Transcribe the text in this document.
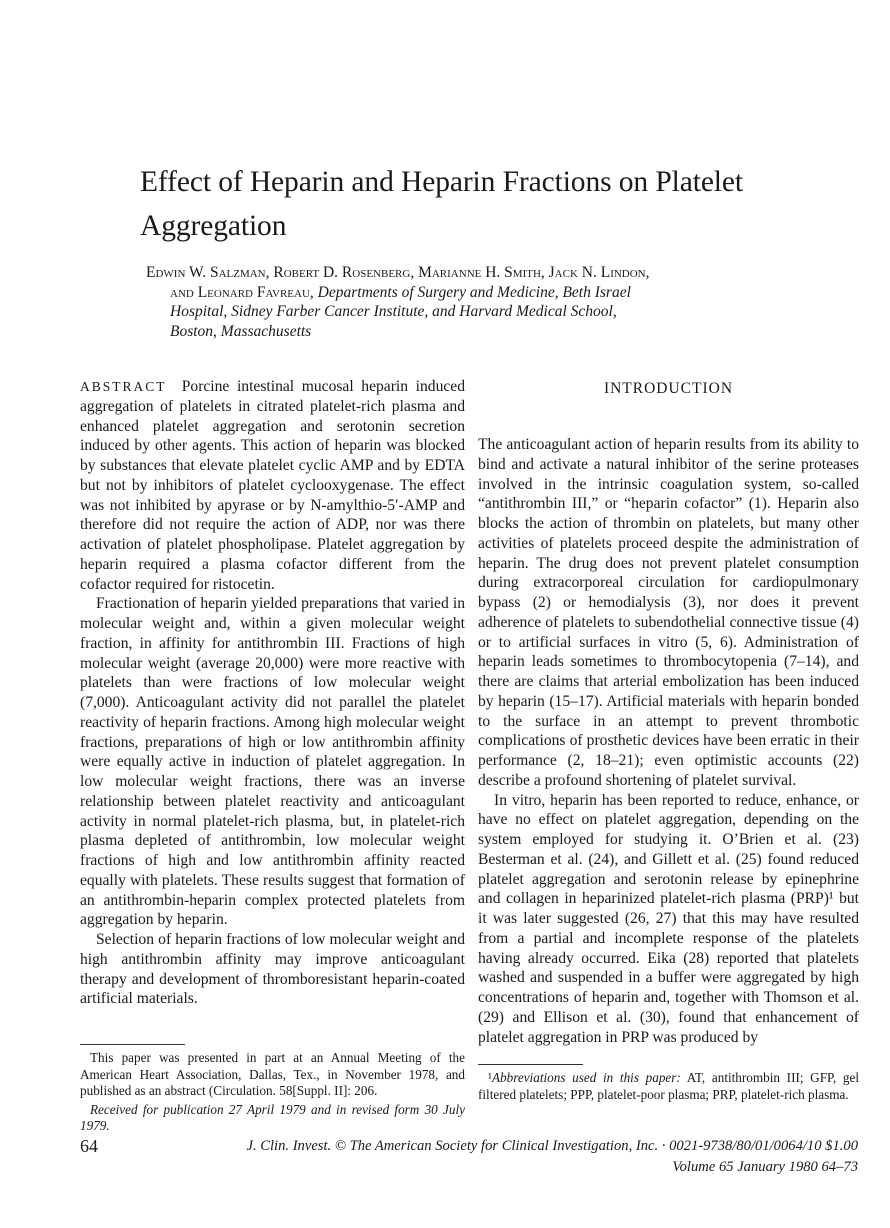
Effect of Heparin and Heparin Fractions on Platelet Aggregation
Edwin W. Salzman, Robert D. Rosenberg, Marianne H. Smith, Jack N. Lindon,
and Leonard Favreau, Departments of Surgery and Medicine, Beth Israel
Hospital, Sidney Farber Cancer Institute, and Harvard Medical School,
Boston, Massachusetts

ABSTRACT Porcine intestinal mucosal heparin induced aggregation of platelets in citrated platelet-rich plasma and enhanced platelet aggregation and serotonin secretion induced by other agents. This action of heparin was blocked by substances that elevate platelet cyclic AMP and by EDTA but not by inhibitors of platelet cyclooxygenase. The effect was not inhibited by apyrase or by N-amylthio-5′-AMP and therefore did not require the action of ADP, nor was there activation of platelet phospholipase. Platelet aggregation by heparin required a plasma cofactor different from the cofactor required for ristocetin.

Fractionation of heparin yielded preparations that varied in molecular weight and, within a given molecular weight fraction, in affinity for antithrombin III. Fractions of high molecular weight (average 20,000) were more reactive with platelets than were fractions of low molecular weight (7,000). Anticoagulant activity did not parallel the platelet reactivity of heparin fractions. Among high molecular weight fractions, preparations of high or low antithrombin affinity were equally active in induction of platelet aggregation. In low molecular weight fractions, there was an inverse relationship between platelet reactivity and anticoagulant activity in normal platelet-rich plasma, but, in platelet-rich plasma depleted of antithrombin, low molecular weight fractions of high and low antithrombin affinity reacted equally with platelets. These results suggest that formation of an antithrombin-heparin complex protected platelets from aggregation by heparin.

Selection of heparin fractions of low molecular weight and high antithrombin affinity may improve anticoagulant therapy and development of thromboresistant heparin-coated artificial materials.

This paper was presented in part at an Annual Meeting of the American Heart Association, Dallas, Tex., in November 1978, and published as an abstract (Circulation. 58[Suppl. II]: 206.

Received for publication 27 April 1979 and in revised form 30 July 1979.

INTRODUCTION

The anticoagulant action of heparin results from its ability to bind and activate a natural inhibitor of the serine proteases involved in the intrinsic coagulation system, so-called “antithrombin III,” or “heparin cofactor” (1). Heparin also blocks the action of thrombin on platelets, but many other activities of platelets proceed despite the administration of heparin. The drug does not prevent platelet consumption during extracorporeal circulation for cardiopulmonary bypass (2) or hemodialysis (3), nor does it prevent adherence of platelets to subendothelial connective tissue (4) or to artificial surfaces in vitro (5, 6). Administration of heparin leads sometimes to thrombocytopenia (7–14), and there are claims that arterial embolization has been induced by heparin (15–17). Artificial materials with heparin bonded to the surface in an attempt to prevent thrombotic complications of prosthetic devices have been erratic in their performance (2, 18–21); even optimistic accounts (22) describe a profound shortening of platelet survival.

In vitro, heparin has been reported to reduce, enhance, or have no effect on platelet aggregation, depending on the system employed for studying it. O’Brien et al. (23) Besterman et al. (24), and Gillett et al. (25) found reduced platelet aggregation and serotonin release by epinephrine and collagen in heparinized platelet-rich plasma (PRP)¹ but it was later suggested (26, 27) that this may have resulted from a partial and incomplete response of the platelets having already occurred. Eika (28) reported that platelets washed and suspended in a buffer were aggregated by high concentrations of heparin and, together with Thomson et al. (29) and Ellison et al. (30), found that enhancement of platelet aggregation in PRP was produced by

¹Abbreviations used in this paper: AT, antithrombin III; GFP, gel filtered platelets; PPP, platelet-poor plasma; PRP, platelet-rich plasma.

64	J. Clin. Invest. © The American Society for Clinical Investigation, Inc. · 0021-9738/80/01/0064/10 $1.00
Volume 65 January 1980 64–73
